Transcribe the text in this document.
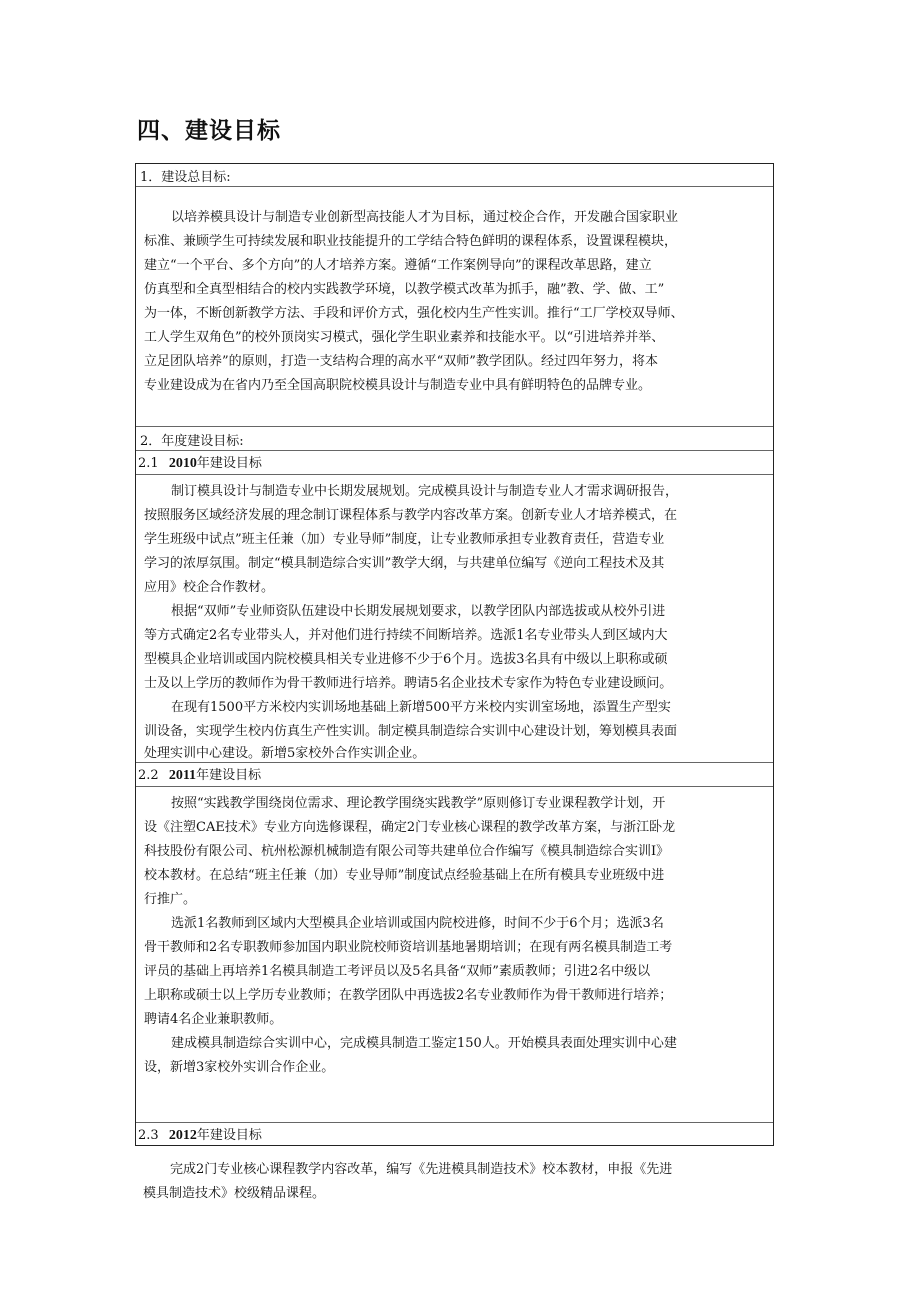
四、建设目标
1．建设总目标:
以培养模具设计与制造专业创新型高技能人才为目标，通过校企合作，开发融合国家职业
标准、兼顾学生可持续发展和职业技能提升的工学结合特色鲜明的课程体系，设置课程模块，
建立“一个平台、多个方向”的人才培养方案。遵循“工作案例导向”的课程改革思路，建立
仿真型和全真型相结合的校内实践教学环境，以教学模式改革为抓手，融”教、学、做、工”
为一体，不断创新教学方法、手段和评价方式，强化校内生产性实训。推行“工厂学校双导师、
工人学生双角色”的校外顶岗实习模式，强化学生职业素养和技能水平。以“引进培养并举、
立足团队培养”的原则，打造一支结构合理的高水平“双师”教学团队。经过四年努力，将本
专业建设成为在省内乃至全国高职院校模具设计与制造专业中具有鲜明特色的品牌专业。
2．年度建设目标:
2.1 2010年建设目标
制订模具设计与制造专业中长期发展规划。完成模具设计与制造专业人才需求调研报告，
按照服务区域经济发展的理念制订课程体系与教学内容改革方案。创新专业人才培养模式，在
学生班级中试点”班主任兼（加）专业导师”制度，让专业教师承担专业教育责任，营造专业
学习的浓厚氛围。制定“模具制造综合实训”教学大纲，与共建单位编写《逆向工程技术及其
应用》校企合作教材。
根据“双师”专业师资队伍建设中长期发展规划要求，以教学团队内部选拔或从校外引进
等方式确定2名专业带头人，并对他们进行持续不间断培养。选派1名专业带头人到区域内大
型模具企业培训或国内院校模具相关专业进修不少于6个月。选拔3名具有中级以上职称或硕
士及以上学历的教师作为骨干教师进行培养。聘请5名企业技术专家作为特色专业建设顾问。
在现有1500平方米校内实训场地基础上新增500平方米校内实训室场地，添置生产型实
训设备，实现学生校内仿真生产性实训。制定模具制造综合实训中心建设计划，筹划模具表面
处理实训中心建设。新增5家校外合作实训企业。
2.2 2011年建设目标
按照“实践教学围绕岗位需求、理论教学围绕实践教学”原则修订专业课程教学计划，开
设《注塑CAE技术》专业方向选修课程，确定2门专业核心课程的教学改革方案，与浙江卧龙
科技股份有限公司、杭州松源机械制造有限公司等共建单位合作编写《模具制造综合实训I》
校本教材。在总结“班主任兼（加）专业导师”制度试点经验基础上在所有模具专业班级中进
行推广。
选派1名教师到区域内大型模具企业培训或国内院校进修，时间不少于6个月；选派3名
骨干教师和2名专职教师参加国内职业院校师资培训基地暑期培训；在现有两名模具制造工考
评员的基础上再培养1名模具制造工考评员以及5名具备“双师”素质教师；引进2名中级以
上职称或硕士以上学历专业教师；在教学团队中再选拔2名专业教师作为骨干教师进行培养；
聘请4名企业兼职教师。
建成模具制造综合实训中心，完成模具制造工鉴定150人。开始模具表面处理实训中心建
设，新增3家校外实训合作企业。
2.3 2012年建设目标
完成2门专业核心课程教学内容改革，编写《先进模具制造技术》校本教材，申报《先进
模具制造技术》校级精品课程。
